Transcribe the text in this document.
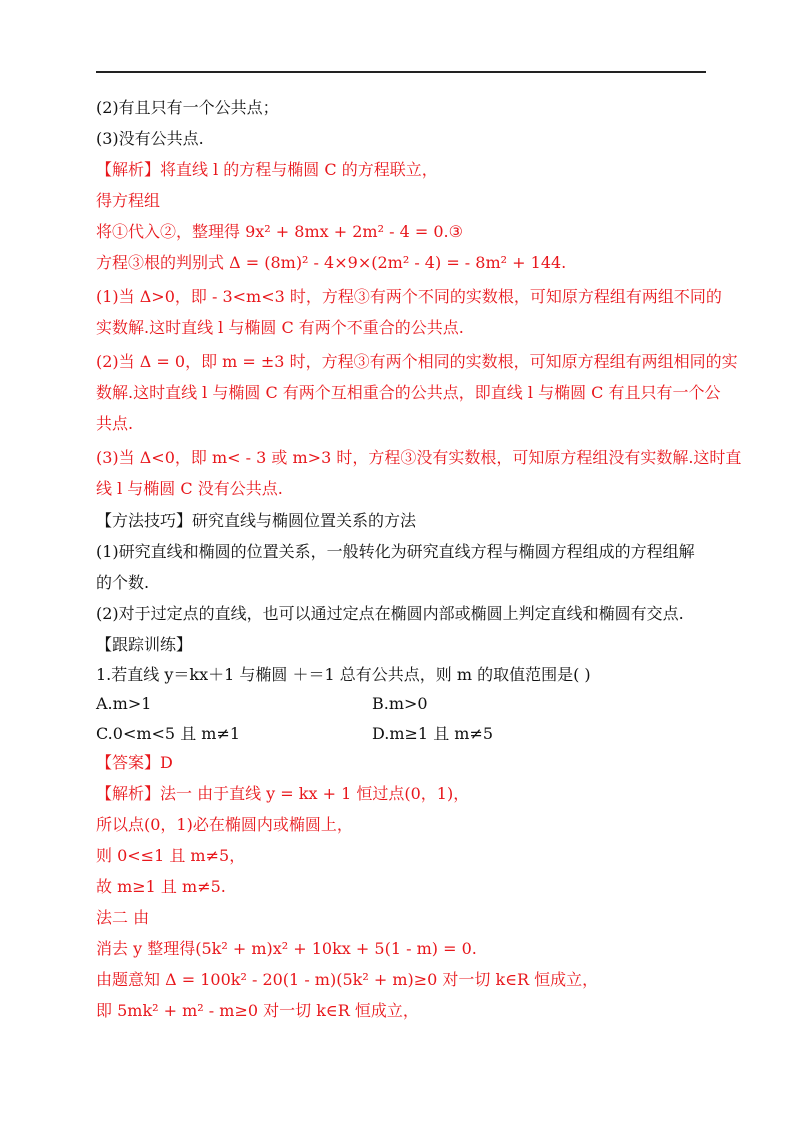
(2)有且只有一个公共点；
(3)没有公共点.
【解析】将直线 l 的方程与椭圆 C 的方程联立，
得方程组
将①代入②，整理得 9x² + 8mx + 2m² - 4 = 0.③
方程③根的判别式 Δ = (8m)² - 4×9×(2m² - 4) = - 8m² + 144.
(1)当 Δ>0，即 - 3<m<3 时，方程③有两个不同的实数根，可知原方程组有两组不同的
实数解.这时直线 l 与椭圆 C 有两个不重合的公共点.
(2)当 Δ = 0，即 m = ±3 时，方程③有两个相同的实数根，可知原方程组有两组相同的实
数解.这时直线 l 与椭圆 C 有两个互相重合的公共点，即直线 l 与椭圆 C 有且只有一个公
共点.
(3)当 Δ<0，即 m< - 3 或 m>3 时，方程③没有实数根，可知原方程组没有实数解.这时直
线 l 与椭圆 C 没有公共点.
【方法技巧】研究直线与椭圆位置关系的方法
(1)研究直线和椭圆的位置关系，一般转化为研究直线方程与椭圆方程组成的方程组解
的个数.
(2)对于过定点的直线，也可以通过定点在椭圆内部或椭圆上判定直线和椭圆有交点.
【跟踪训练】
1.若直线 y＝kx＋1 与椭圆 ＋＝1 总有公共点，则 m 的取值范围是( )
A.m>1	B.m>0
C.0<m<5 且 m≠1	D.m≥1 且 m≠5
【答案】D
【解析】法一 由于直线 y = kx + 1 恒过点(0，1)，
所以点(0，1)必在椭圆内或椭圆上，
则 0<≤1 且 m≠5，
故 m≥1 且 m≠5.
法二 由
消去 y 整理得(5k² + m)x² + 10kx + 5(1 - m) = 0.
由题意知 Δ = 100k² - 20(1 - m)(5k² + m)≥0 对一切 k∈R 恒成立，
即 5mk² + m² - m≥0 对一切 k∈R 恒成立，
